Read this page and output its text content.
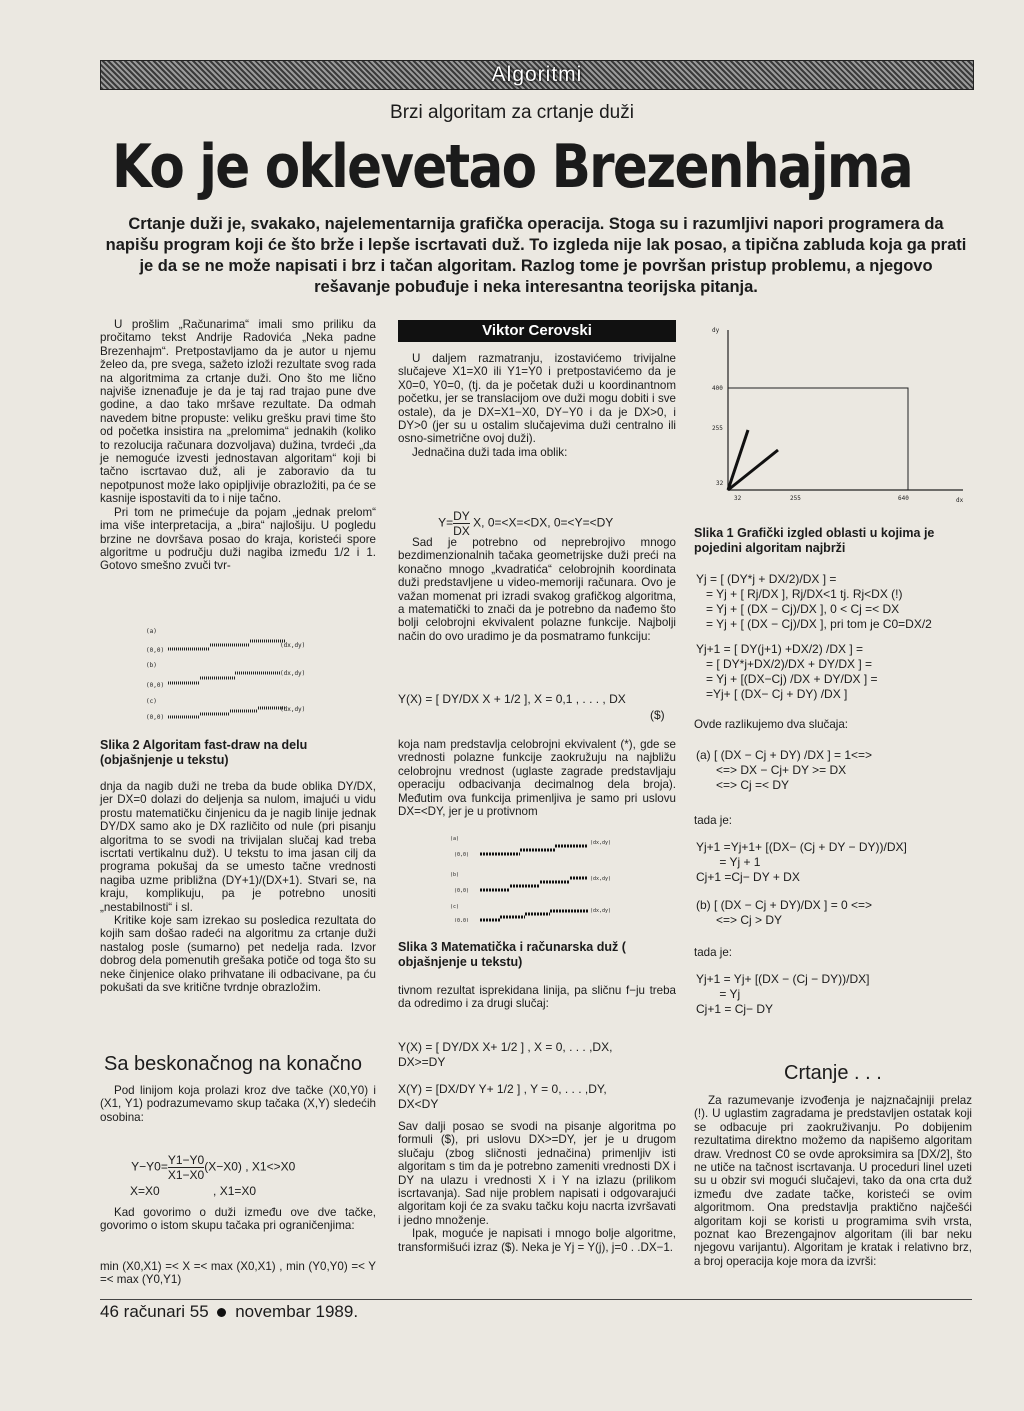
Algoritmi
Brzi algoritam za crtanje duži
Ko je oklevetao Brezenhajma
Crtanje duži je, svakako, najelementarnija grafička operacija. Stoga su i razumljivi napori programera da napišu program koji će što brže i lepše iscrtavati duž. To izgleda nije lak posao, a tipična zabluda koja ga prati je da se ne može napisati i brz i tačan algoritam. Razlog tome je površan pristup problemu, a njegovo rešavanje pobuđuje i neka interesantna teorijska pitanja.

U prošlim „Računarima“ imali smo priliku da pročitamo tekst Andrije Radovića „Neka padne Brezenhajm“. Pretpostavljamo da je autor u njemu želeo da, pre svega, sažeto izloži rezultate svog rada na algoritmima za crtanje duži. Ono što me lično najviše iznenađuje je da je taj rad trajao pune dve godine, a dao tako mršave rezultate. Da odmah navedem bitne propuste: veliku grešku pravi time što od početka insistira na „prelomima“ jednakih (koliko to rezolucija računara dozvoljava) dužina, tvrdeći „da je nemoguće izvesti jednostavan algoritam“ koji bi tačno iscrtavao duž, ali je zaboravio da tu nepotpunost može lako opipljivije obrazložiti, pa će se kasnije ispostaviti da to i nije tačno.

Pri tom ne primećuje da pojam „jednak prelom“ ima više interpretacija, a „bira“ najlošiju. U pogledu brzine ne dovršava posao do kraja, koristeći spore algoritme u području duži nagiba između 1/2 i 1. Gotovo smešno zvuči tvr-

(a)
(0,0)
(dx,dy)
(b)
(0,0)
(dx,dy)
(c)
(0,0)
(dx,dy)
Slika 2 Algoritam fast-draw na delu (objašnjenje u tekstu)

dnja da nagib duži ne treba da bude oblika DY/DX, jer DX=0 dolazi do deljenja sa nulom, imajući u vidu prostu matematičku činjenicu da je nagib linije jednak DY/DX samo ako je DX različito od nule (pri pisanju algoritma to se svodi na trivijalan slučaj kad treba iscrtati vertikalnu duž). U tekstu to ima jasan cilj da programa pokušaj da se umesto tačne vrednosti nagiba uzme približna (DY+1)/(DX+1). Stvari se, na kraju, komplikuju, pa je potrebno unositi „nestabilnosti“ i sl.

Kritike koje sam izrekao su posledica rezultata do kojih sam došao radeći na algoritmu za crtanje duži nastalog posle (sumarno) pet nedelja rada. Izvor dobrog dela pomenutih grešaka potiče od toga što su neke činjenice olako prihvatane ili odbacivane, pa ću pokušati da sve kritične tvrdnje obrazložim.

Sa beskonačnog na konačno

Pod linijom koja prolazi kroz dve tačke (X0,Y0) i (X1, Y1) podrazumevamo skup tačaka (X,Y) sledećih osobina:

$Y-Y0= \frac{Y1-Y0}{X1-X0} (X-X0)$ , X1<>X0

X=X0                , X1=X0

Kad govorimo o duži između ove dve tačke, govorimo o istom skupu tačaka pri ograničenjima:

min (X0,X1) =< X =< max (X0,X1) , min (Y0,Y0) =< Y =< max (Y0,Y1)
Viktor Cerovski

U daljem razmatranju, izostavićemo trivijalne slučajeve X1=X0 ili Y1=Y0 i pretpostavićemo da je X0=0, Y0=0, (tj. da je početak duži u koordinantnom početku, jer se translacijom ove duži mogu dobiti i sve ostale), da je DX=X1−X0, DY−Y0 i da je DX>0, i DY>0 (jer su u ostalim slučajevima duži centralno ili osno-simetrične ovoj duži).

Jednačina duži tada ima oblik:

$Y= \frac{DY}{DX} X$, 0=<X=<DX, 0=<Y=<DY

Sad je potrebno od neprebrojivo mnogo bezdimenzionalnih tačaka geometrijske duži preći na konačno mnogo „kvadratića“ celobrojnih koordinata duži predstavljene u video-memoriji računara. Ovo je važan momenat pri izradi svakog grafičkog algoritma, a matematički to znači da je potrebno da nađemo što bolji celobrojni ekvivalent polazne funkcije. Najbolji način do ovo uradimo je da posmatramo funkciju:

Y(X) = [ DY/DX X + 1/2 ], X = 0,1 , . . . , DX
($)

koja nam predstavlja celobrojni ekvivalent (*), gde se vrednosti polazne funkcije zaokružuju na najbližu celobrojnu vrednost (uglaste zagrade predstavljaju operaciju odbacivanja decimalnog dela broja). Međutim ova funkcija primenljiva je samo pri uslovu DX=<DY, jer je u protivnom

(a)
(0,0)
(dx,dy)
(b)
(0,0)
(dx,dy)
(c)
(0,0)
(dx,dy)
Slika 3 Matematička i računarska duž ( objašnjenje u tekstu)

tivnom rezultat isprekidana linija, pa sličnu f−ju treba da odredimo i za drugi slučaj:

Y(X) = [ DY/DX X+ 1/2 ] , X = 0, . . . ,DX,
DX>=DY
X(Y) = [DX/DY Y+ 1/2 ] , Y = 0, . . . ,DY,
DX<DY

Sav dalji posao se svodi na pisanje algoritma po formuli ($), pri uslovu DX>=DY, jer je u drugom slučaju (zbog sličnosti jednačina) primenljiv isti algoritam s tim da je potrebno zameniti vrednosti DX i DY na ulazu i vrednosti X i Y na izlazu (prilikom iscrtavanja). Sad nije problem napisati i odgovarajući algoritam koji će za svaku tačku koju nacrta izvršavati i jedno množenje.

Ipak, moguće je napisati i mnogo bolje algoritme, transformišući izraz ($). Neka je Yj = Y(j), j=0 . .DX−1.

dy
dx
400
255
32
32	255	640
Slika 1 Grafički izgled oblasti u kojima je pojedini algoritam najbrži
Yj = [ (DY*j + DX/2)/DX ] =
= Yj + [ Rj/DX ], Rj/DX<1 tj. Rj<DX (!)
= Yj + [ (DX − Cj)/DX ], 0 < Cj =< DX
= Yj + [ (DX − Cj)/DX ], pri tom je C0=DX/2
Yj+1 = [ DY(j+1) +DX/2) /DX ] =
= [ DY*j+DX/2)/DX + DY/DX ] =
= Yj + [(DX−Cj) /DX + DY/DX ] =
=Yj+ [ (DX− Cj + DY) /DX ]

Ovde razlikujemo dva slučaja:

(a) [ (DX − Cj + DY) /DX ] = 1<=>
<=> DX − Cj+ DY >= DX
<=> Cj =< DY

tada je:

Yj+1 =Yj+1+ [(DX− (Cj + DY − DY))/DX]
= Yj + 1
Cj+1 =Cj− DY + DX
(b) [ (DX − Cj + DY)/DX ] = 0 <=>
<=> Cj > DY

tada je:

Yj+1 = Yj+ [(DX − (Cj − DY))/DX]
= Yj
Cj+1 = Cj− DY
Crtanje . . .

Za razumevanje izvođenja je najznačajniji prelaz (!). U uglastim zagradama je predstavljen ostatak koji se odbacuje pri zaokruživanju. Po dobijenim rezultatima direktno možemo da napišemo algoritam draw. Vrednost C0 se ovde aproksimira sa [DX/2], što ne utiče na tačnost iscrtavanja. U proceduri linel uzeti su u obzir svi mogući slučajevi, tako da ona crta duž između dve zadate tačke, koristeći se ovim algoritmom. Ona predstavlja praktično najčešći algoritam koji se koristi u programima svih vrsta, poznat kao Brezengajnov algoritam (ili bar neku njegovu varijantu). Algoritam je kratak i relativno brz, a broj operacija koje mora da izvrši:

46 računari 55 novembar 1989.
